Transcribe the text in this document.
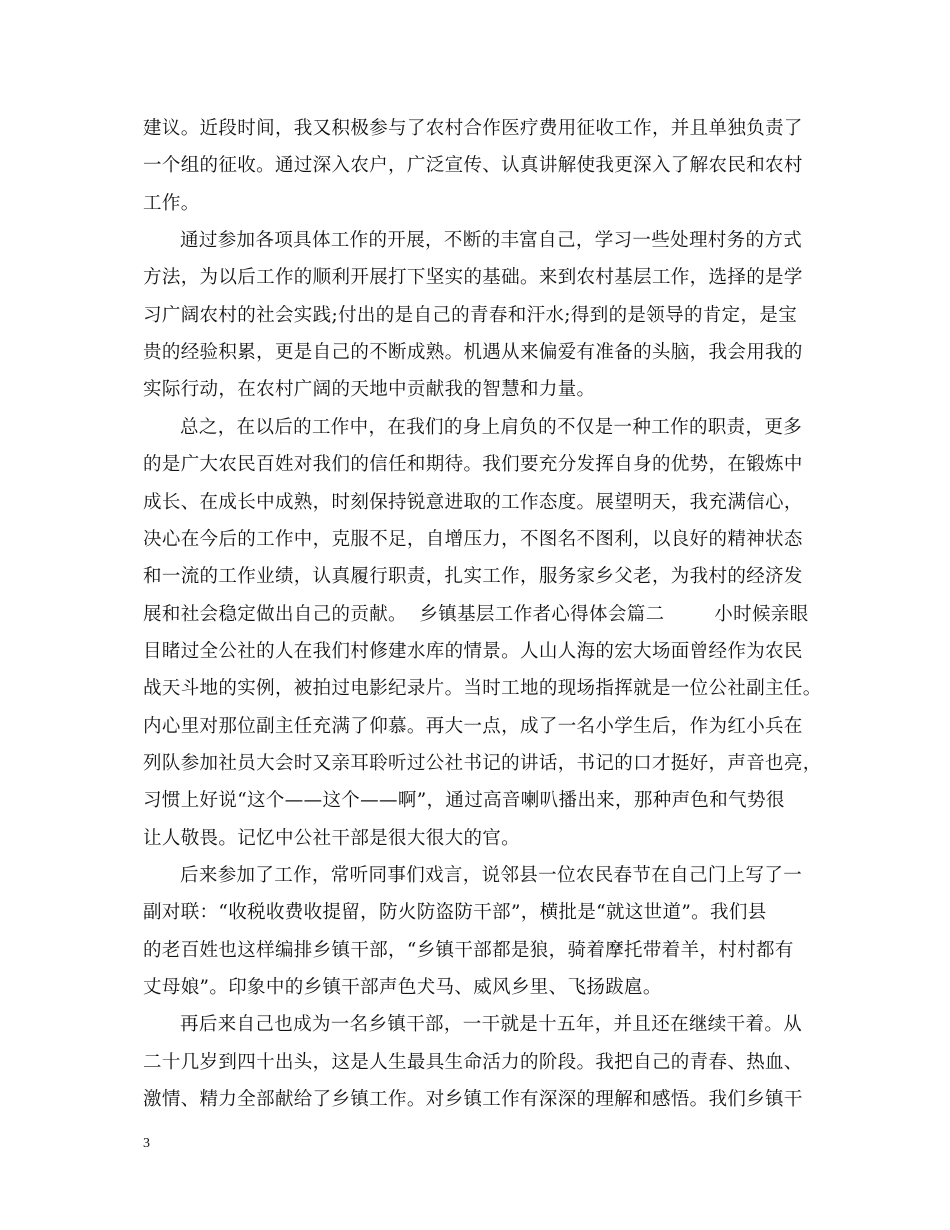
建议。近段时间，我又积极参与了农村合作医疗费用征收工作，并且单独负责了
一个组的征收。通过深入农户，广泛宣传、认真讲解使我更深入了解农民和农村
工作。
通过参加各项具体工作的开展，不断的丰富自己，学习一些处理村务的方式
方法，为以后工作的顺利开展打下坚实的基础。来到农村基层工作，选择的是学
习广阔农村的社会实践;付出的是自己的青春和汗水;得到的是领导的肯定，是宝
贵的经验积累，更是自己的不断成熟。机遇从来偏爱有准备的头脑，我会用我的
实际行动，在农村广阔的天地中贡献我的智慧和力量。
总之，在以后的工作中，在我们的身上肩负的不仅是一种工作的职责，更多
的是广大农民百姓对我们的信任和期待。我们要充分发挥自身的优势，在锻炼中
成长、在成长中成熟，时刻保持锐意进取的工作态度。展望明天，我充满信心，
决心在今后的工作中，克服不足，自增压力，不图名不图利，以良好的精神状态
和一流的工作业绩，认真履行职责，扎实工作，服务家乡父老，为我村的经济发
展和社会稳定做出自己的贡献。  乡镇基层工作者心得体会篇二        小时候亲眼
目睹过全公社的人在我们村修建水库的情景。人山人海的宏大场面曾经作为农民
战天斗地的实例，被拍过电影纪录片。当时工地的现场指挥就是一位公社副主任。
内心里对那位副主任充满了仰慕。再大一点，成了一名小学生后，作为红小兵在
列队参加社员大会时又亲耳聆听过公社书记的讲话，书记的口才挺好，声音也亮，
习惯上好说“这个——这个——啊”，通过高音喇叭播出来，那种声色和气势很
让人敬畏。记忆中公社干部是很大很大的官。
后来参加了工作，常听同事们戏言，说邻县一位农民春节在自己门上写了一
副对联：“收税收费收提留，防火防盗防干部”，横批是“就这世道”。我们县
的老百姓也这样编排乡镇干部，“乡镇干部都是狼，骑着摩托带着羊，村村都有
丈母娘”。印象中的乡镇干部声色犬马、威风乡里、飞扬跋扈。
再后来自己也成为一名乡镇干部，一干就是十五年，并且还在继续干着。从
二十几岁到四十出头，这是人生最具生命活力的阶段。我把自己的青春、热血、
激情、精力全部献给了乡镇工作。对乡镇工作有深深的理解和感悟。我们乡镇干
3
